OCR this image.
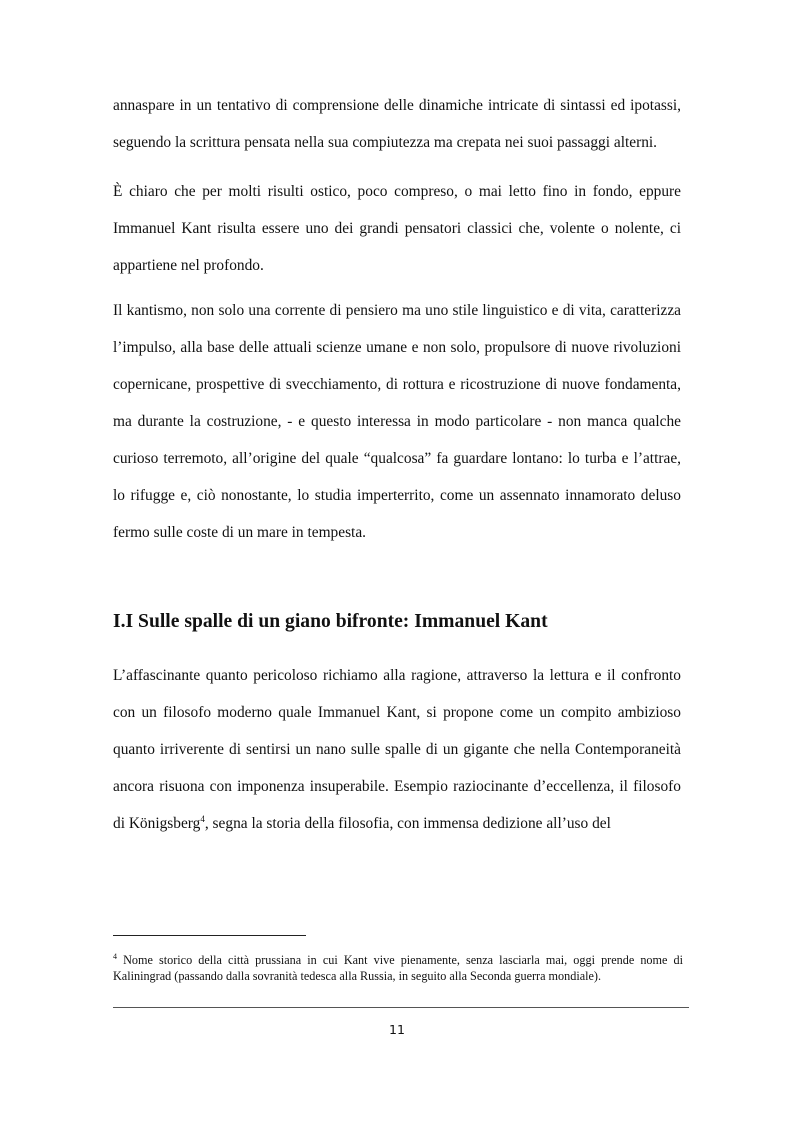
annaspare in un tentativo di comprensione delle dinamiche intricate di sintassi ed ipotassi, seguendo la scrittura pensata nella sua compiutezza ma crepata nei suoi passaggi alterni.

È chiaro che per molti risulti ostico, poco compreso, o mai letto fino in fondo, eppure Immanuel Kant risulta essere uno dei grandi pensatori classici che, volente o nolente, ci appartiene nel profondo.

Il kantismo, non solo una corrente di pensiero ma uno stile linguistico e di vita, caratterizza l’impulso, alla base delle attuali scienze umane e non solo, propulsore di nuove rivoluzioni copernicane, prospettive di svecchiamento, di rottura e ricostruzione di nuove fondamenta, ma durante la costruzione, - e questo interessa in modo particolare - non manca qualche curioso terremoto, all’origine del quale “qualcosa” fa guardare lontano: lo turba e l’attrae, lo rifugge e, ciò nonostante, lo studia imperterrito, come un assennato innamorato deluso fermo sulle coste di un mare in tempesta.

I.I Sulle spalle di un giano bifronte: Immanuel Kant

L’affascinante quanto pericoloso richiamo alla ragione, attraverso la lettura e il confronto con un filosofo moderno quale Immanuel Kant, si propone come un compito ambizioso quanto irriverente di sentirsi un nano sulle spalle di un gigante che nella Contemporaneità ancora risuona con imponenza insuperabile. Esempio raziocinante d’eccellenza, il filosofo di Königsberg$^4$, segna la storia della filosofia, con immensa dedizione all’uso del

$^4$ Nome storico della città prussiana in cui Kant vive pienamente, senza lasciarla mai, oggi prende nome di Kaliningrad (passando dalla sovranità tedesca alla Russia, in seguito alla Seconda guerra mondiale).

11
